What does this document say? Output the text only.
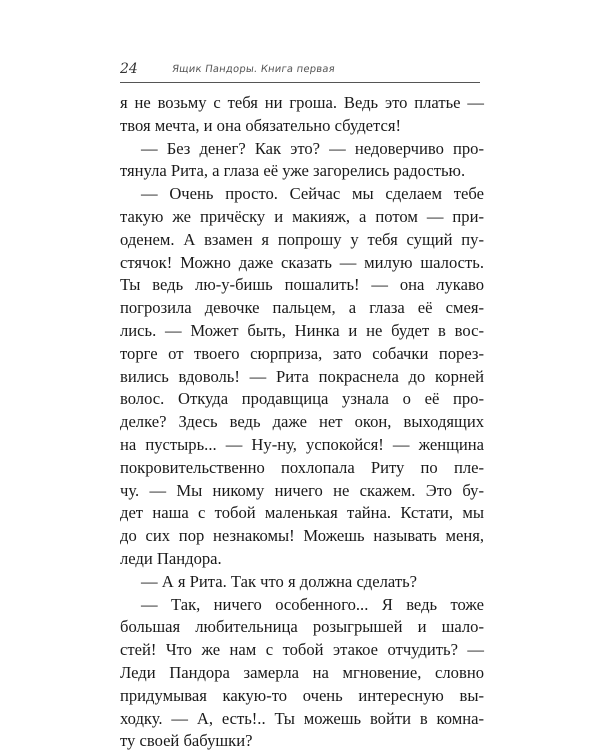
24	Ящик Пандоры. Книга первая
я не возьму с тебя ни гроша. Ведь это платье —
твоя мечта, и она обязательно сбудется!
— Без денег? Как это? — недоверчиво про-
тянула Рита, а глаза её уже загорелись радостью.
— Очень просто. Сейчас мы сделаем тебе
такую же причёску и макияж, а потом — при-
оденем. А взамен я попрошу у тебя сущий пу-
стячок! Можно даже сказать — милую шалость.
Ты ведь лю-у-бишь пошалить! — она лукаво
погрозила девочке пальцем, а глаза её смея-
лись. — Может быть, Нинка и не будет в вос-
торге от твоего сюрприза, зато собачки порез-
вились вдоволь! — Рита покраснела до корней
волос. Откуда продавщица узнала о её про-
делке? Здесь ведь даже нет окон, выходящих
на пустырь... — Ну-ну, успокойся! — женщина
покровительственно похлопала Риту по пле-
чу. — Мы никому ничего не скажем. Это бу-
дет наша с тобой маленькая тайна. Кстати, мы
до сих пор незнакомы! Можешь называть меня,
леди Пандора.
— А я Рита. Так что я должна сделать?
— Так, ничего особенного... Я ведь тоже
большая любительница розыгрышей и шало-
стей! Что же нам с тобой этакое отчудить? —
Леди Пандора замерла на мгновение, словно
придумывая какую-то очень интересную вы-
ходку. — А, есть!.. Ты можешь войти в комна-
ту своей бабушки?
